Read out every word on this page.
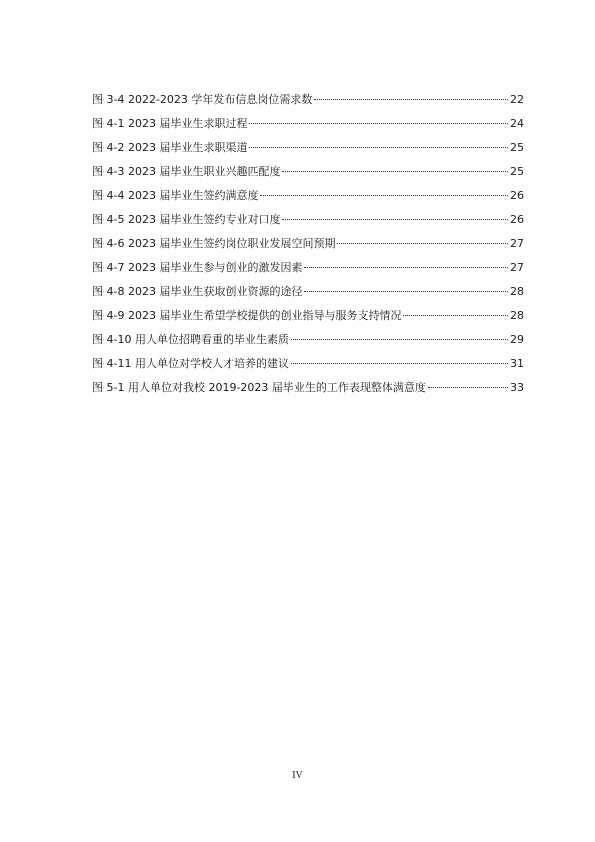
图 3-4 2022-2023 学年发布信息岗位需求数	22
图 4-1 2023 届毕业生求职过程	24
图 4-2 2023 届毕业生求职渠道	25
图 4-3 2023 届毕业生职业兴趣匹配度	25
图 4-4 2023 届毕业生签约满意度	26
图 4-5 2023 届毕业生签约专业对口度	26
图 4-6 2023 届毕业生签约岗位职业发展空间预期	27
图 4-7 2023 届毕业生参与创业的激发因素	27
图 4-8 2023 届毕业生获取创业资源的途径	28
图 4-9 2023 届毕业生希望学校提供的创业指导与服务支持情况	28
图 4-10 用人单位招聘看重的毕业生素质	29
图 4-11 用人单位对学校人才培养的建议	31
图 5-1 用人单位对我校 2019-2023 届毕业生的工作表现整体满意度	33
IV
